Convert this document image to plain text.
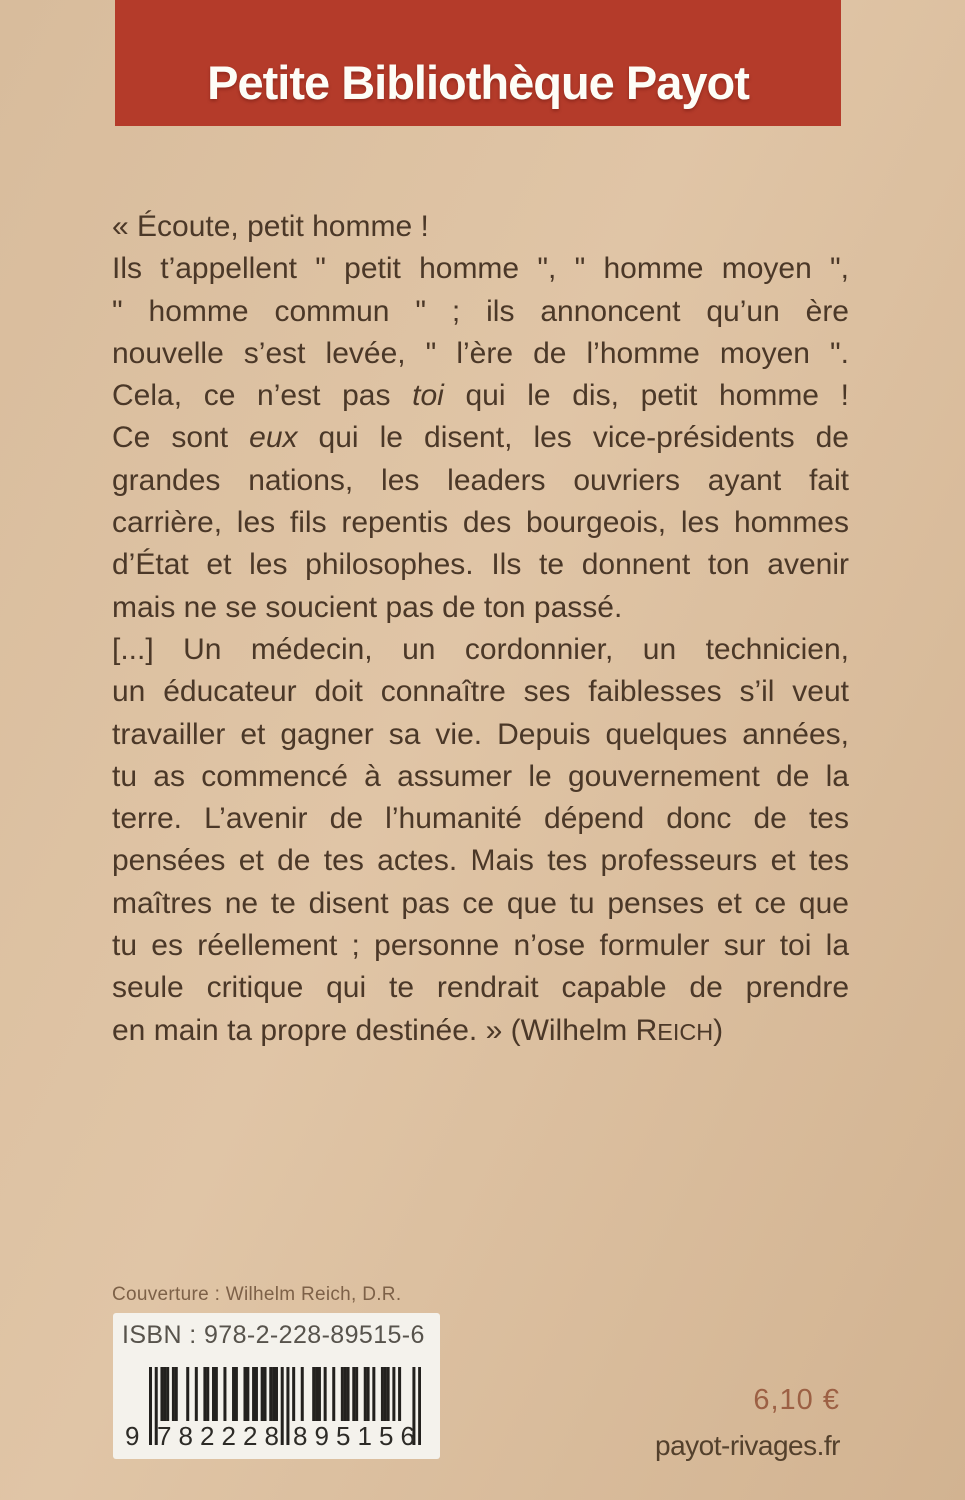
Petite Bibliothèque Payot
« Écoute, petit homme !
Ils t’appellent " petit homme ", " homme moyen ",
" homme commun " ; ils annoncent qu’un ère
nouvelle s’est levée, " l’ère de l’homme moyen ".
Cela, ce n’est pas toi qui le dis, petit homme !
Ce sont eux qui le disent, les vice-présidents de
grandes nations, les leaders ouvriers ayant fait
carrière, les fils repentis des bourgeois, les hommes
d’État et les philosophes. Ils te donnent ton avenir
mais ne se soucient pas de ton passé.
[...] Un médecin, un cordonnier, un technicien,
un éducateur doit connaître ses faiblesses s’il veut
travailler et gagner sa vie. Depuis quelques années,
tu as commencé à assumer le gouvernement de la
terre. L’avenir de l’humanité dépend donc de tes
pensées et de tes actes. Mais tes professeurs et tes
maîtres ne te disent pas ce que tu penses et ce que
tu es réellement ; personne n’ose formuler sur toi la
seule critique qui te rendrait capable de prendre
en main ta propre destinée. » (Wilhelm REICH)
Couverture : Wilhelm Reich, D.R.
ISBN : 978-2-228-89515-6
9 7 8 2 2 2 8 8 9 5 1 5 6
6,10 €
payot-rivages.fr
